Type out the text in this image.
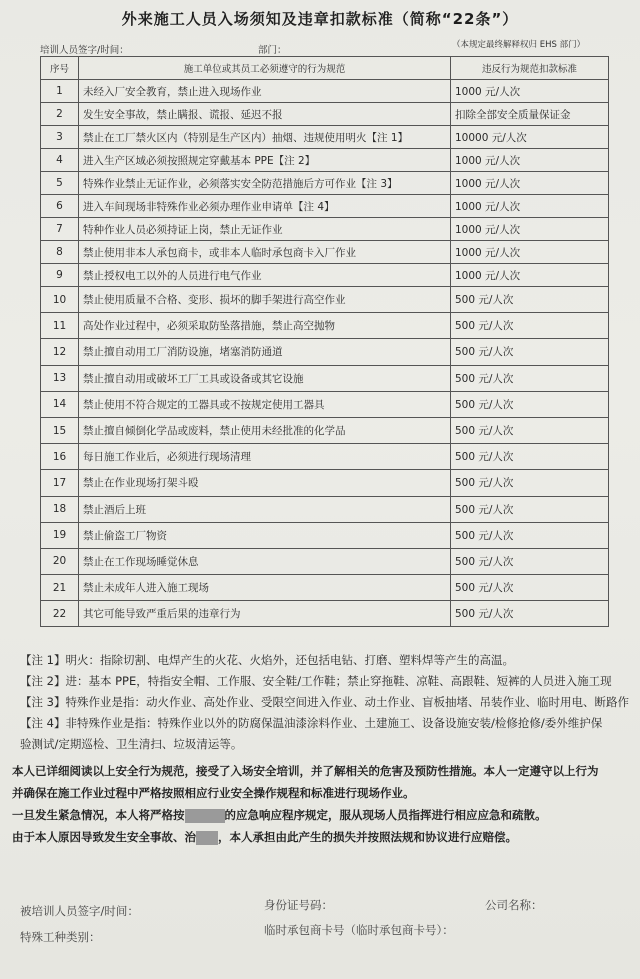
外来施工人员入场须知及违章扣款标准（简称“22条”）
培训人员签字/时间：	部门：	（本规定最终解释权归 EHS 部门）
序号	施工单位或其员工必须遵守的行为规范	违反行为规范扣款标准
1	未经入厂安全教育，禁止进入现场作业	1000 元/人次
2	发生安全事故，禁止瞒报、谎报、延迟不报	扣除全部安全质量保证金
3	禁止在工厂禁火区内（特别是生产区内）抽烟、违规使用明火【注 1】	10000 元/人次
4	进入生产区域必须按照规定穿戴基本 PPE【注 2】	1000 元/人次
5	特殊作业禁止无证作业，必须落实安全防范措施后方可作业【注 3】	1000 元/人次
6	进入车间现场非特殊作业必须办理作业申请单【注 4】	1000 元/人次
7	特种作业人员必须持证上岗，禁止无证作业	1000 元/人次
8	禁止使用非本人承包商卡，或非本人临时承包商卡入厂作业	1000 元/人次
9	禁止授权电工以外的人员进行电气作业	1000 元/人次
10	禁止使用质量不合格、变形、损坏的脚手架进行高空作业	500 元/人次
11	高处作业过程中，必须采取防坠落措施，禁止高空抛物	500 元/人次
12	禁止擅自动用工厂消防设施，堵塞消防通道	500 元/人次
13	禁止擅自动用或破坏工厂工具或设备或其它设施	500 元/人次
14	禁止使用不符合规定的工器具或不按规定使用工器具	500 元/人次
15	禁止擅自倾倒化学品或废料，禁止使用未经批准的化学品	500 元/人次
16	每日施工作业后，必须进行现场清理	500 元/人次
17	禁止在作业现场打架斗殴	500 元/人次
18	禁止酒后上班	500 元/人次
19	禁止偷盗工厂物资	500 元/人次
20	禁止在工作现场睡觉休息	500 元/人次
21	禁止未成年人进入施工现场	500 元/人次
22	其它可能导致严重后果的违章行为	500 元/人次
【注 1】明火：指除切割、电焊产生的火花、火焰外，还包括电钻、打磨、塑料焊等产生的高温。
【注 2】进：基本 PPE，特指安全帽、工作服、安全鞋/工作鞋；禁止穿拖鞋、凉鞋、高跟鞋、短裤的人员进入施工现
【注 3】特殊作业是指：动火作业、高处作业、受限空间进入作业、动土作业、盲板抽堵、吊装作业、临时用电、断路作
【注 4】非特殊作业是指：特殊作业以外的防腐保温油漆涂料作业、土建施工、设备设施安装/检修抢修/委外维护保
验测试/定期巡检、卫生清扫、垃圾清运等。
本人已详细阅读以上安全行为规范，接受了入场安全培训，并了解相关的危害及预防性措施。本人一定遵守以上行为
并确保在施工作业过程中严格按照相应行业安全操作规程和标准进行现场作业。
一旦发生紧急情况，本人将严格按	的应急响应程序规定，服从现场人员指挥进行相应应急和疏散。
由于本人原因导致发生安全事故、治 ，本人承担由此产生的损失并按照法规和协议进行应赔偿。
被培训人员签字/时间：	身份证号码：	公司名称：
特殊工种类别：	临时承包商卡号（临时承包商卡号）：
